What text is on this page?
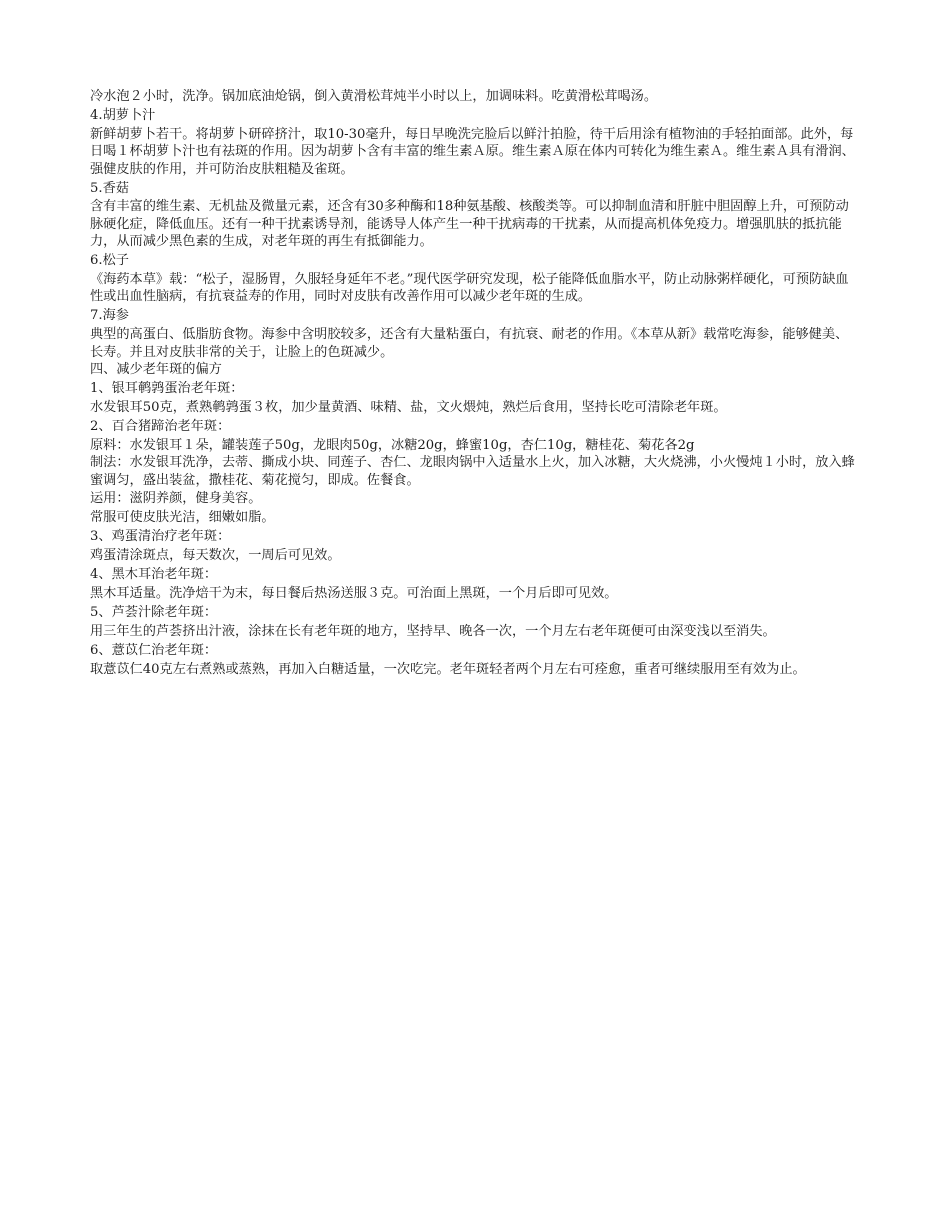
冷水泡２小时，洗净。锅加底油炝锅，倒入黄滑松茸炖半小时以上，加调味料。吃黄滑松茸喝汤。

4.胡萝卜汁

新鲜胡萝卜若干。将胡萝卜研碎挤汁，取10-30毫升，每日早晚洗完脸后以鲜汁拍脸，待干后用涂有植物油的手轻拍面部。此外，每日喝１杯胡萝卜汁也有祛斑的作用。因为胡萝卜含有丰富的维生素Ａ原。维生素Ａ原在体内可转化为维生素Ａ。维生素Ａ具有滑润、强健皮肤的作用，并可防治皮肤粗糙及雀斑。

5.香菇

含有丰富的维生素、无机盐及微量元素，还含有30多种酶和18种氨基酸、核酸类等。可以抑制血清和肝脏中胆固醇上升，可预防动脉硬化症，降低血压。还有一种干扰素诱导剂，能诱导人体产生一种干扰病毒的干扰素，从而提高机体免疫力。增强肌肤的抵抗能力，从而减少黑色素的生成，对老年斑的再生有抵御能力。

6.松子

《海药本草》载：“松子，湿肠胃，久服轻身延年不老。”现代医学研究发现，松子能降低血脂水平，防止动脉粥样硬化，可预防缺血性或出血性脑病，有抗衰益寿的作用，同时对皮肤有改善作用可以减少老年斑的生成。

7.海参

典型的高蛋白、低脂肪食物。海参中含明胶较多，还含有大量粘蛋白，有抗衰、耐老的作用。《本草从新》载常吃海参，能够健美、长寿。并且对皮肤非常的关于，让脸上的色斑减少。

四、减少老年斑的偏方

1、银耳鹌鹑蛋治老年斑：

水发银耳50克，煮熟鹌鹑蛋３枚，加少量黄酒、味精、盐，文火煨炖，熟烂后食用，坚持长吃可清除老年斑。

2、百合猪蹄治老年斑：

原料：水发银耳１朵，罐装莲子50g，龙眼肉50g，冰糖20g，蜂蜜10g，杏仁10g，糖桂花、菊花各2g

制法：水发银耳洗净，去蒂、撕成小块、同莲子、杏仁、龙眼肉锅中入适量水上火，加入冰糖，大火烧沸，小火慢炖１小时，放入蜂蜜调匀，盛出装盆，撒桂花、菊花搅匀，即成。佐餐食。

运用：滋阴养颜，健身美容。

常服可使皮肤光洁，细嫩如脂。

3、鸡蛋清治疗老年斑：

鸡蛋清涂斑点，每天数次，一周后可见效。

4、黑木耳治老年斑：

黑木耳适量。洗净焙干为末，每日餐后热汤送服３克。可治面上黑斑，一个月后即可见效。

5、芦荟汁除老年斑：

用三年生的芦荟挤出汁液，涂抹在长有老年斑的地方，坚持早、晚各一次，一个月左右老年斑便可由深变浅以至消失。

6、薏苡仁治老年斑：

取薏苡仁40克左右煮熟或蒸熟，再加入白糖适量，一次吃完。老年斑轻者两个月左右可痊愈，重者可继续服用至有效为止。
